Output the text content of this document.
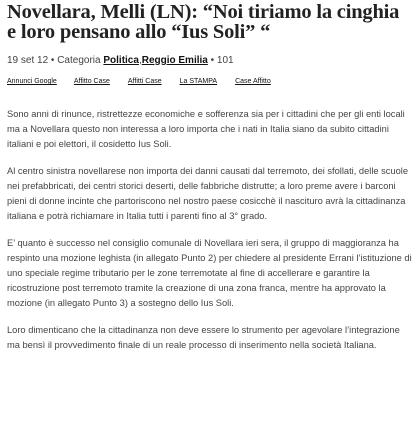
Novellara, Melli (LN): “Noi tiriamo la cinghia e loro pensano allo “Ius Soli” “
19 set 12 • Categoria Politica,Reggio Emilia • 101
Annunci Google Affitto Case	Affitti Case	La STAMPA	Case Affitto

Sono anni di rinunce, ristrettezze economiche e sofferenza sia per i cittadini che per gli enti locali ma a Novellara questo non interessa a loro importa che i nati in Italia siano da subito cittadini italiani e poi elettori, il cosidetto Ius Soli.

Al centro sinistra novellarese non importa dei danni causati dal terremoto, dei sfollati, delle scuole nei prefabbricati, dei centri storici deserti, delle fabbriche distrutte; a loro preme avere i barconi pieni di donne incinte che partoriscono nel nostro paese cosicchè il nascituro avrà la cittadinanza italiana e potrà richiamare in Italia tutti i parenti fino al 3° grado.

E’ quanto è successo nel consiglio comunale di Novellara ieri sera, il gruppo di maggioranza ha respinto una mozione leghista (in allegato Punto 2) per chiedere al presidente Errani l’istituzione di uno speciale regime tributario per le zone terremotate al fine di accellerare e garantire la ricostruzione post terremoto tramite la creazione di una zona franca, mentre ha approvato la mozione (in allegato Punto 3) a sostegno dello Ius Soli.

Loro dimenticano che la cittadinanza non deve essere lo strumento per agevolare l’integrazione ma bensì il provvedimento finale di un reale processo di inserimento nella società Italiana.
